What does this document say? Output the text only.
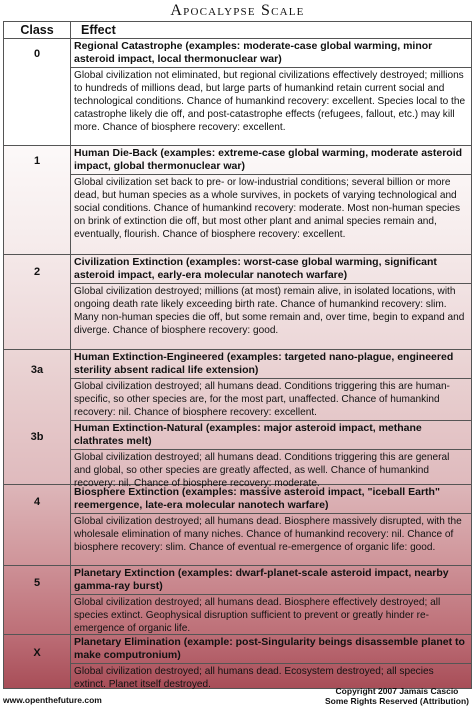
Apocalypse Scale
Class	Effect
0
Regional Catastrophe (examples: moderate-case global warming, minor asteroid impact, local thermonuclear war)
Global civilization not eliminated, but regional civilizations effectively destroyed; millions to hundreds of millions dead, but large parts of humankind retain current social and technological conditions. Chance of humankind recovery: excellent. Species local to the catastrophe likely die off, and post-catastrophe effects (refugees, fallout, etc.) may kill more. Chance of biosphere recovery: excellent.
1
Human Die-Back (examples: extreme-case global warming, moderate asteroid impact, global thermonuclear war)
Global civilization set back to pre- or low-industrial conditions; several billion or more dead, but human species as a whole survives, in pockets of varying technological and social conditions. Chance of humankind recovery: moderate. Most non-human species on brink of extinction die off, but most other plant and animal species remain and, eventually, flourish. Chance of biosphere recovery: excellent.
2
Civilization Extinction (examples: worst-case global warming, significant asteroid impact, early-era molecular nanotech warfare)
Global civilization destroyed; millions (at most) remain alive, in isolated locations, with ongoing death rate likely exceeding birth rate. Chance of humankind recovery: slim. Many non-human species die off, but some remain and, over time, begin to expand and diverge. Chance of biosphere recovery: good.
3a
3b
Human Extinction-Engineered (examples: targeted nano-plague, engineered sterility absent radical life extension)
Global civilization destroyed; all humans dead. Conditions triggering this are human-specific, so other species are, for the most part, unaffected. Chance of humankind recovery: nil. Chance of biosphere recovery: excellent.
Human Extinction-Natural (examples: major asteroid impact, methane clathrates melt)
Global civilization destroyed; all humans dead. Conditions triggering this are general and global, so other species are greatly affected, as well. Chance of humankind recovery: nil. Chance of biosphere recovery: moderate.
4
Biosphere Extinction (examples: massive asteroid impact, "iceball Earth" reemergence, late-era molecular nanotech warfare)
Global civilization destroyed; all humans dead. Biosphere massively disrupted, with the wholesale elimination of many niches. Chance of humankind recovery: nil. Chance of biosphere recovery: slim. Chance of eventual re-emergence of organic life: good.
5
Planetary Extinction (examples: dwarf-planet-scale asteroid impact, nearby gamma-ray burst)
Global civilization destroyed; all humans dead. Biosphere effectively destroyed; all species extinct. Geophysical disruption sufficient to prevent or greatly hinder re-emergence of organic life.
X
Planetary Elimination (example: post-Singularity beings disassemble planet to make computronium)
Global civilization destroyed; all humans dead. Ecosystem destroyed; all species extinct. Planet itself destroyed.
www.openthefuture.com
Copyright 2007 Jamais Cascio
Some Rights Reserved (Attribution)
